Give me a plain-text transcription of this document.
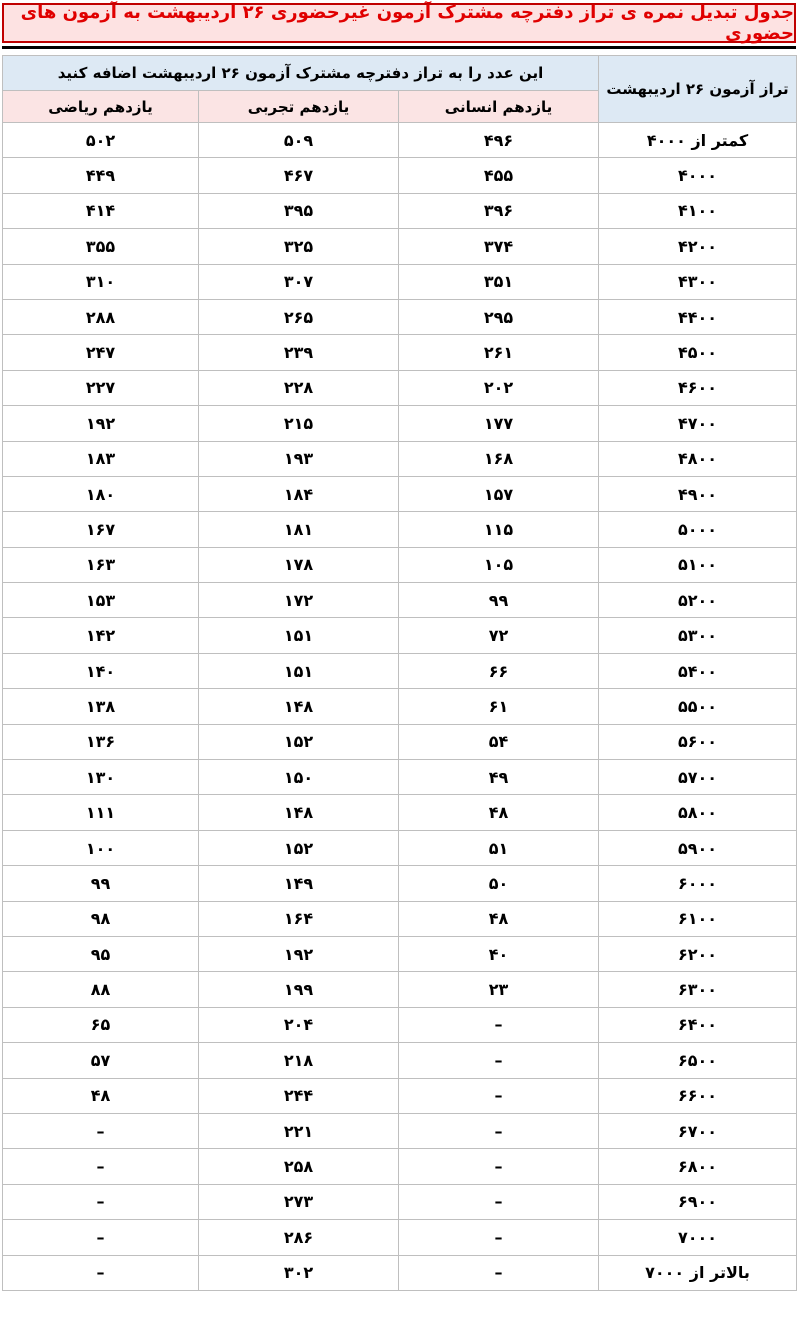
جدول تبدیل نمره ی تراز دفترچه مشترک آزمون غیرحضوری ۲۶ اردیبهشت به آزمون های حضوری
تراز آزمون ۲۶ اردیبهشت	این عدد را به تراز دفترچه مشترک آزمون ۲۶ اردیبهشت اضافه کنید		
	یازدهم انسانی	یازدهم تجربی	یازدهم ریاضی
کمتر از ۴۰۰۰	۴۹۶	۵۰۹	۵۰۲
۴۰۰۰	۴۵۵	۴۶۷	۴۴۹
۴۱۰۰	۳۹۶	۳۹۵	۴۱۴
۴۲۰۰	۳۷۴	۳۲۵	۳۵۵
۴۳۰۰	۳۵۱	۳۰۷	۳۱۰
۴۴۰۰	۲۹۵	۲۶۵	۲۸۸
۴۵۰۰	۲۶۱	۲۳۹	۲۴۷
۴۶۰۰	۲۰۲	۲۲۸	۲۲۷
۴۷۰۰	۱۷۷	۲۱۵	۱۹۲
۴۸۰۰	۱۶۸	۱۹۳	۱۸۳
۴۹۰۰	۱۵۷	۱۸۴	۱۸۰
۵۰۰۰	۱۱۵	۱۸۱	۱۶۷
۵۱۰۰	۱۰۵	۱۷۸	۱۶۳
۵۲۰۰	۹۹	۱۷۲	۱۵۳
۵۳۰۰	۷۲	۱۵۱	۱۴۲
۵۴۰۰	۶۶	۱۵۱	۱۴۰
۵۵۰۰	۶۱	۱۴۸	۱۳۸
۵۶۰۰	۵۴	۱۵۲	۱۳۶
۵۷۰۰	۴۹	۱۵۰	۱۳۰
۵۸۰۰	۴۸	۱۴۸	۱۱۱
۵۹۰۰	۵۱	۱۵۲	۱۰۰
۶۰۰۰	۵۰	۱۴۹	۹۹
۶۱۰۰	۴۸	۱۶۴	۹۸
۶۲۰۰	۴۰	۱۹۲	۹۵
۶۳۰۰	۲۳	۱۹۹	۸۸
۶۴۰۰	–	۲۰۴	۶۵
۶۵۰۰	–	۲۱۸	۵۷
۶۶۰۰	–	۲۴۴	۴۸
۶۷۰۰	–	۲۲۱	–
۶۸۰۰	–	۲۵۸	–
۶۹۰۰	–	۲۷۳	–
۷۰۰۰	–	۲۸۶	–
بالاتر از ۷۰۰۰	–	۳۰۲	–
